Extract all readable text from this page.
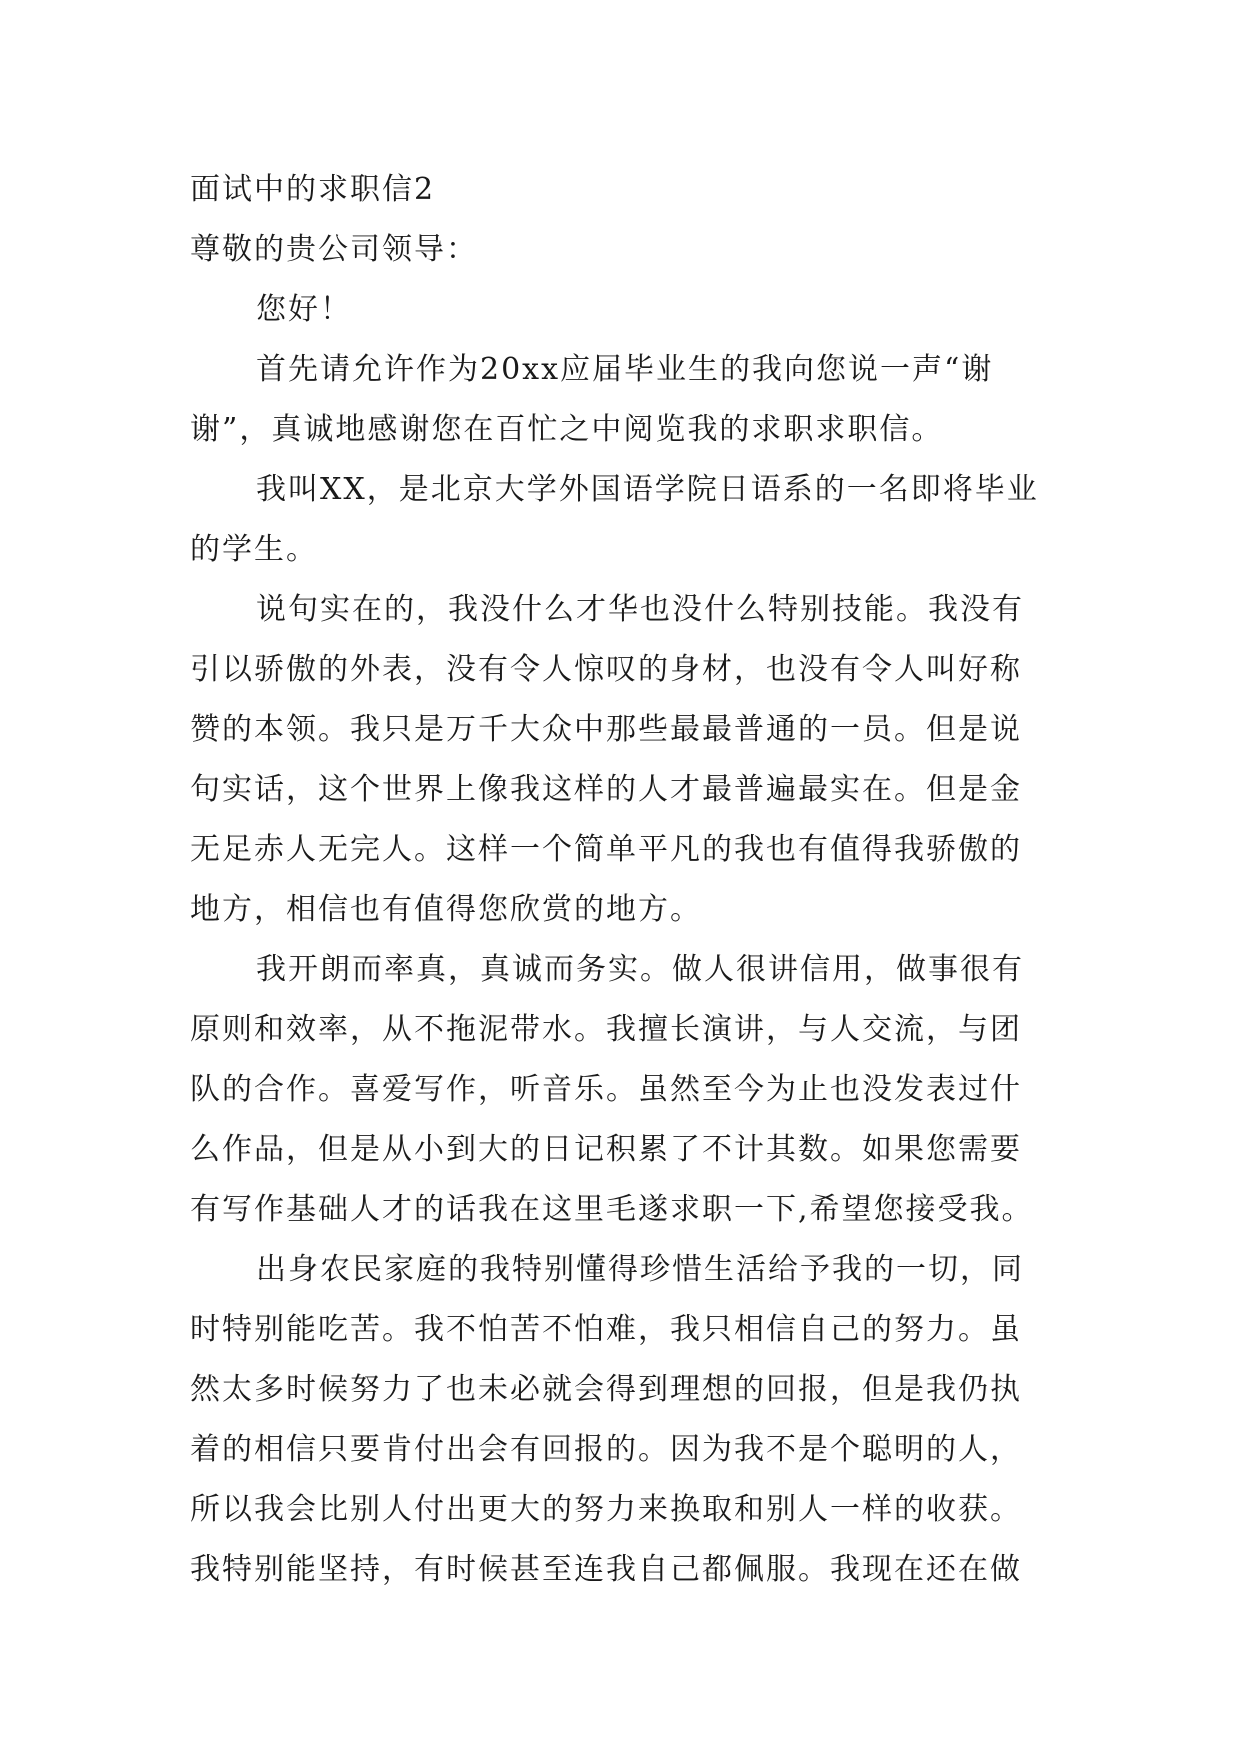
面试中的求职信2

尊敬的贵公司领导：

您好！

首先请允许作为20xx应届毕业生的我向您说一声“谢

谢”，真诚地感谢您在百忙之中阅览我的求职求职信。

我叫XX，是北京大学外国语学院日语系的一名即将毕业

的学生。

说句实在的，我没什么才华也没什么特别技能。我没有

引以骄傲的外表，没有令人惊叹的身材，也没有令人叫好称

赞的本领。我只是万千大众中那些最最普通的一员。但是说

句实话，这个世界上像我这样的人才最普遍最实在。但是金

无足赤人无完人。这样一个简单平凡的我也有值得我骄傲的

地方，相信也有值得您欣赏的地方。

我开朗而率真，真诚而务实。做人很讲信用，做事很有

原则和效率，从不拖泥带水。我擅长演讲，与人交流，与团

队的合作。喜爱写作，听音乐。虽然至今为止也没发表过什

么作品，但是从小到大的日记积累了不计其数。如果您需要

有写作基础人才的话我在这里毛遂求职一下,希望您接受我。

出身农民家庭的我特别懂得珍惜生活给予我的一切，同

时特别能吃苦。我不怕苦不怕难，我只相信自己的努力。虽

然太多时候努力了也未必就会得到理想的回报，但是我仍执

着的相信只要肯付出会有回报的。因为我不是个聪明的人，

所以我会比别人付出更大的努力来换取和别人一样的收获。

我特别能坚持，有时候甚至连我自己都佩服。我现在还在做
